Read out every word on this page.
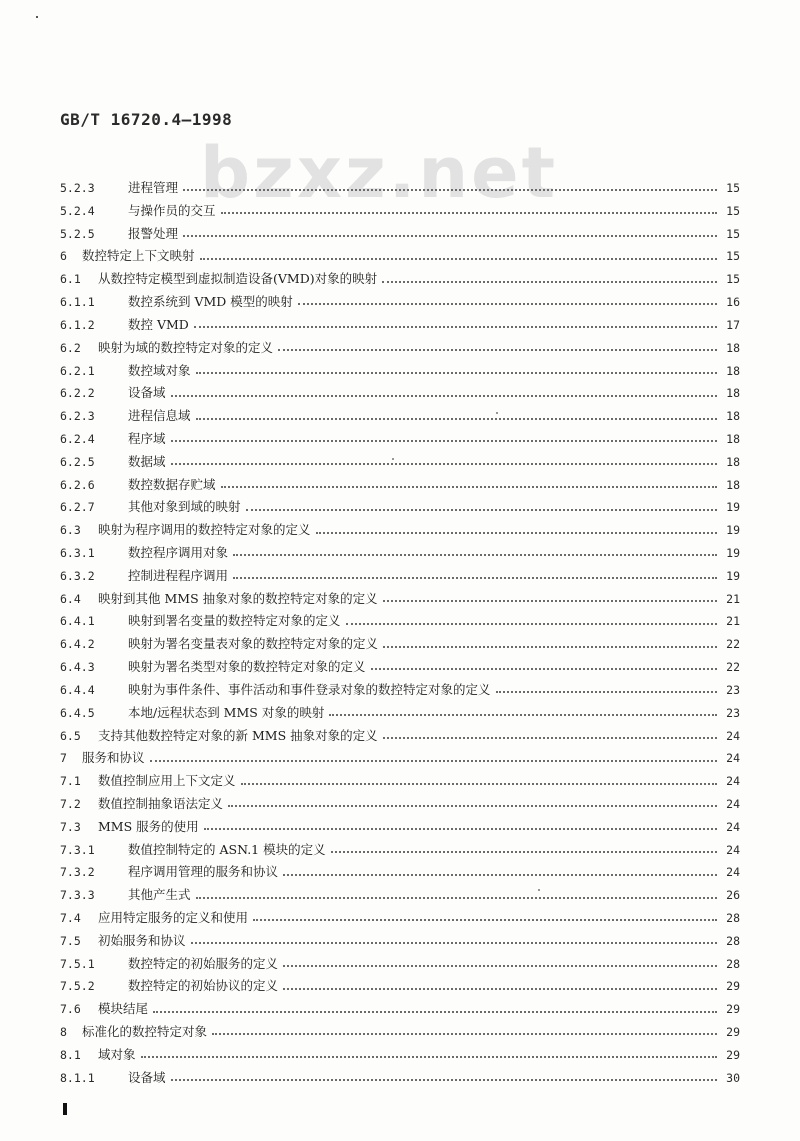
GB/T 16720.4—1998
bzxz.net
5.2.3	进程管理	15
5.2.4	与操作员的交互	15
5.2.5	报警处理	15
6	数控特定上下文映射	15
6.1	从数控特定模型到虚拟制造设备(VMD)对象的映射	15
6.1.1	数控系统到 VMD 模型的映射	16
6.1.2	数控 VMD	17
6.2	映射为域的数控特定对象的定义	18
6.2.1	数控域对象	18
6.2.2	设备域	18
6.2.3	进程信息域	18
6.2.4	程序域	18
6.2.5	数据域	18
6.2.6	数控数据存贮域	18
6.2.7	其他对象到域的映射	19
6.3	映射为程序调用的数控特定对象的定义	19
6.3.1	数控程序调用对象	19
6.3.2	控制进程程序调用	19
6.4	映射到其他 MMS 抽象对象的数控特定对象的定义	21
6.4.1	映射到署名变量的数控特定对象的定义	21
6.4.2	映射为署名变量表对象的数控特定对象的定义	22
6.4.3	映射为署名类型对象的数控特定对象的定义	22
6.4.4	映射为事件条件、事件活动和事件登录对象的数控特定对象的定义	23
6.4.5	本地/远程状态到 MMS 对象的映射	23
6.5	支持其他数控特定对象的新 MMS 抽象对象的定义	24
7	服务和协议	24
7.1	数值控制应用上下文定义	24
7.2	数值控制抽象语法定义	24
7.3	MMS 服务的使用	24
7.3.1	数值控制特定的 ASN.1 模块的定义	24
7.3.2	程序调用管理的服务和协议	24
7.3.3	其他产生式	26
7.4	应用特定服务的定义和使用	28
7.5	初始服务和协议	28
7.5.1	数控特定的初始服务的定义	28
7.5.2	数控特定的初始协议的定义	29
7.6	模块结尾	29
8	标准化的数控特定对象	29
8.1	域对象	29
8.1.1	设备域	30
